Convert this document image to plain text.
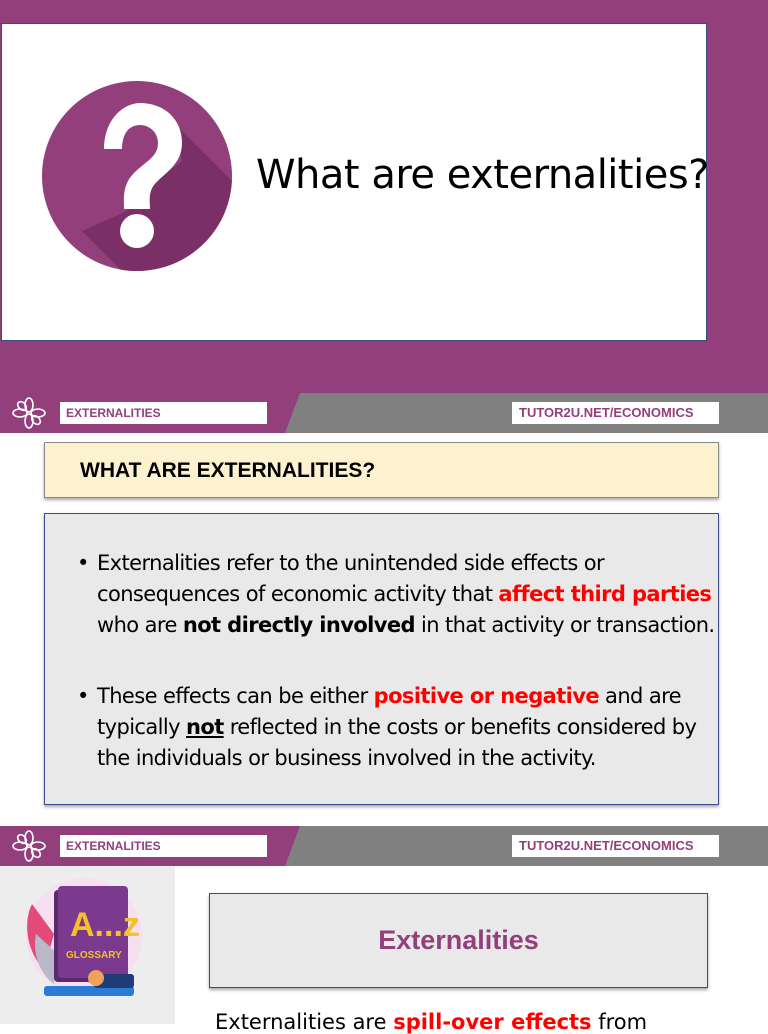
What are externalities?
EXTERNALITIES	TUTOR2U.NET/ECONOMICS
WHAT ARE EXTERNALITIES?
• Externalities refer to the unintended side effects or consequences of economic activity that affect third parties who are not directly involved in that activity or transaction.
• These effects can be either positive or negative and are typically not reflected in the costs or benefits considered by the individuals or business involved in the activity.
EXTERNALITIES	TUTOR2U.NET/ECONOMICS
A...z
GLOSSARY
Externalities
Externalities are spill-over effects from
